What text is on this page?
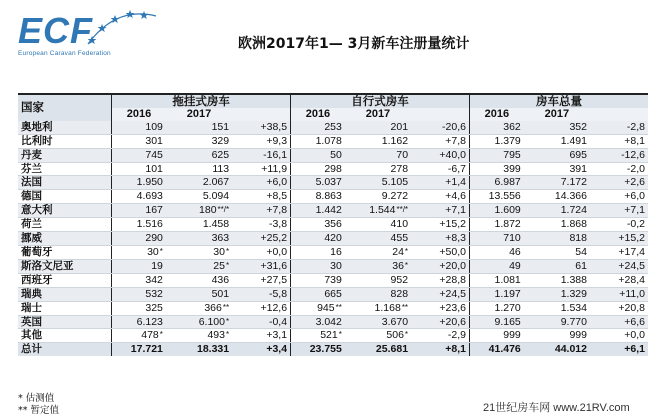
ECF
European Caravan Federation
欧洲2017年1— 3月新车注册量统计
国家	拖挂式房车			自行式房车			房车总量		
	2016	2017		2016	2017		2016	2017	
奥地利	109	151	+38,5	253	201	-20,6	362	352	-2,8
比利时	301	329	+9,3	1.078	1.162	+7,8	1.379	1.491	+8,1
丹麦	745	625	-16,1	50	70	+40,0	795	695	-12,6
芬兰	101	113	+11,9	298	278	-6,7	399	391	-2,0
法国	1.950	2.067	+6,0	5.037	5.105	+1,4	6.987	7.172	+2,6
德国	4.693	5.094	+8,5	8.863	9.272	+4,6	13.556	14.366	+6,0
意大利	167	180**/*	+7,8	1.442	1.544**/*	+7,1	1.609	1.724	+7,1
荷兰	1.516	1.458	-3,8	356	410	+15,2	1.872	1.868	-0,2
挪威	290	363	+25,2	420	455	+8,3	710	818	+15,2
葡萄牙	30*	30*	+0,0	16	24*	+50,0	46	54	+17,4
斯洛文尼亚	19	25*	+31,6	30	36*	+20,0	49	61	+24,5
西班牙	342	436	+27,5	739	952	+28,8	1.081	1.388	+28,4
瑞典	532	501	-5,8	665	828	+24,5	1.197	1.329	+11,0
瑞士	325	366**	+12,6	945**	1.168**	+23,6	1.270	1.534	+20,8
英国	6.123	6.100*	-0,4	3.042	3.670	+20,6	9.165	9.770	+6,6
其他	478*	493*	+3,1	521*	506*	-2,9	999	999	+0,0
总计	17.721	18.331	+3,4	23.755	25.681	+8,1	41.476	44.012	+6,1
* 估测值
** 暂定值	21世纪房车网 www.21RV.com
